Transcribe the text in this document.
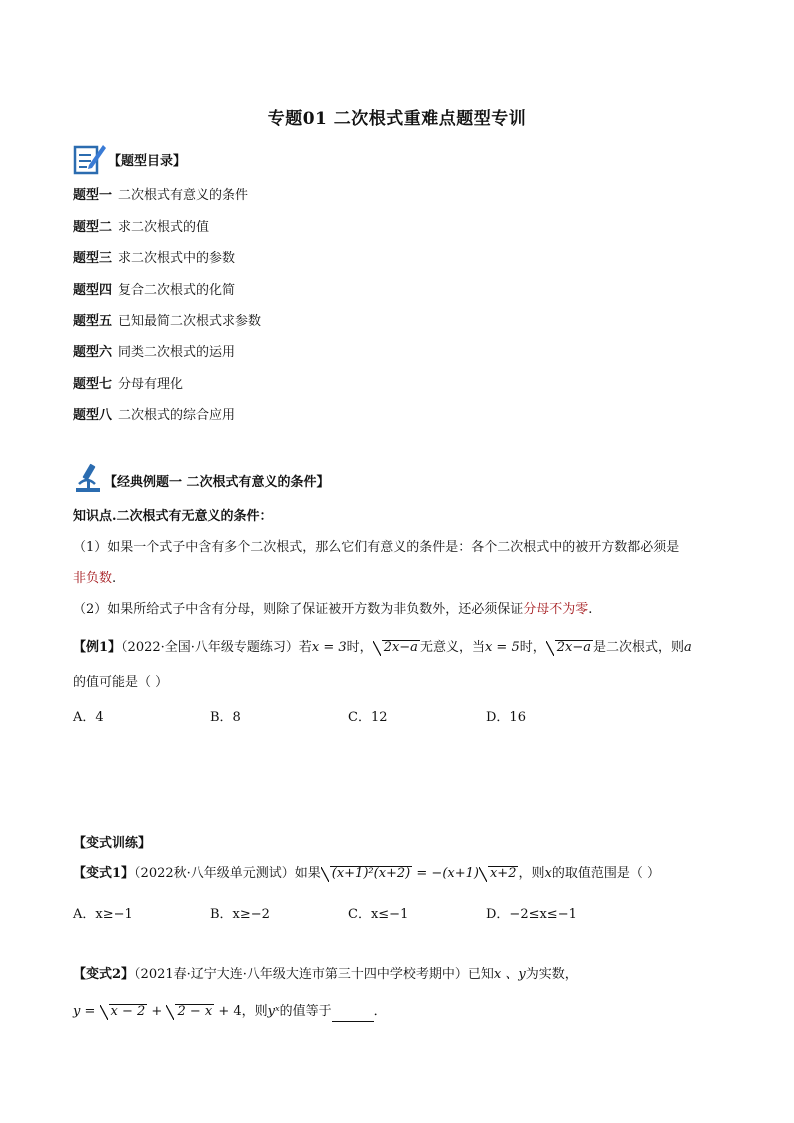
专题01 二次根式重难点题型专训
【题型目录】
题型一 二次根式有意义的条件
题型二 求二次根式的值
题型三 求二次根式中的参数
题型四 复合二次根式的化简
题型五 已知最简二次根式求参数
题型六 同类二次根式的运用
题型七 分母有理化
题型八 二次根式的综合应用
【经典例题一 二次根式有意义的条件】
知识点.二次根式有无意义的条件：
（1）如果一个式子中含有多个二次根式，那么它们有意义的条件是：各个二次根式中的被开方数都必须是
非负数.
（2）如果所给式子中含有分母，则除了保证被开方数为非负数外，还必须保证分母不为零.
【例1】（2022·全国·八年级专题练习）若x = 3时， 2x−a 无意义，当x = 5时， 2x−a 是二次根式，则a
的值可能是（ ）
A．4	B．8	C．12	D．16
【变式训练】
【变式1】（2022秋·八年级单元测试）如果 (x+1)²(x+2) = −(x+1) x+2 ，则x的取值范围是（ ）
A．x≥−1	B．x≥−2	C．x≤−1	D．−2≤x≤−1
【变式2】（2021春·辽宁大连·八年级大连市第三十四中学校考期中）已知x 、y为实数，
y = x − 2 + 2 − x + 4，则yˣ的值等于	．
